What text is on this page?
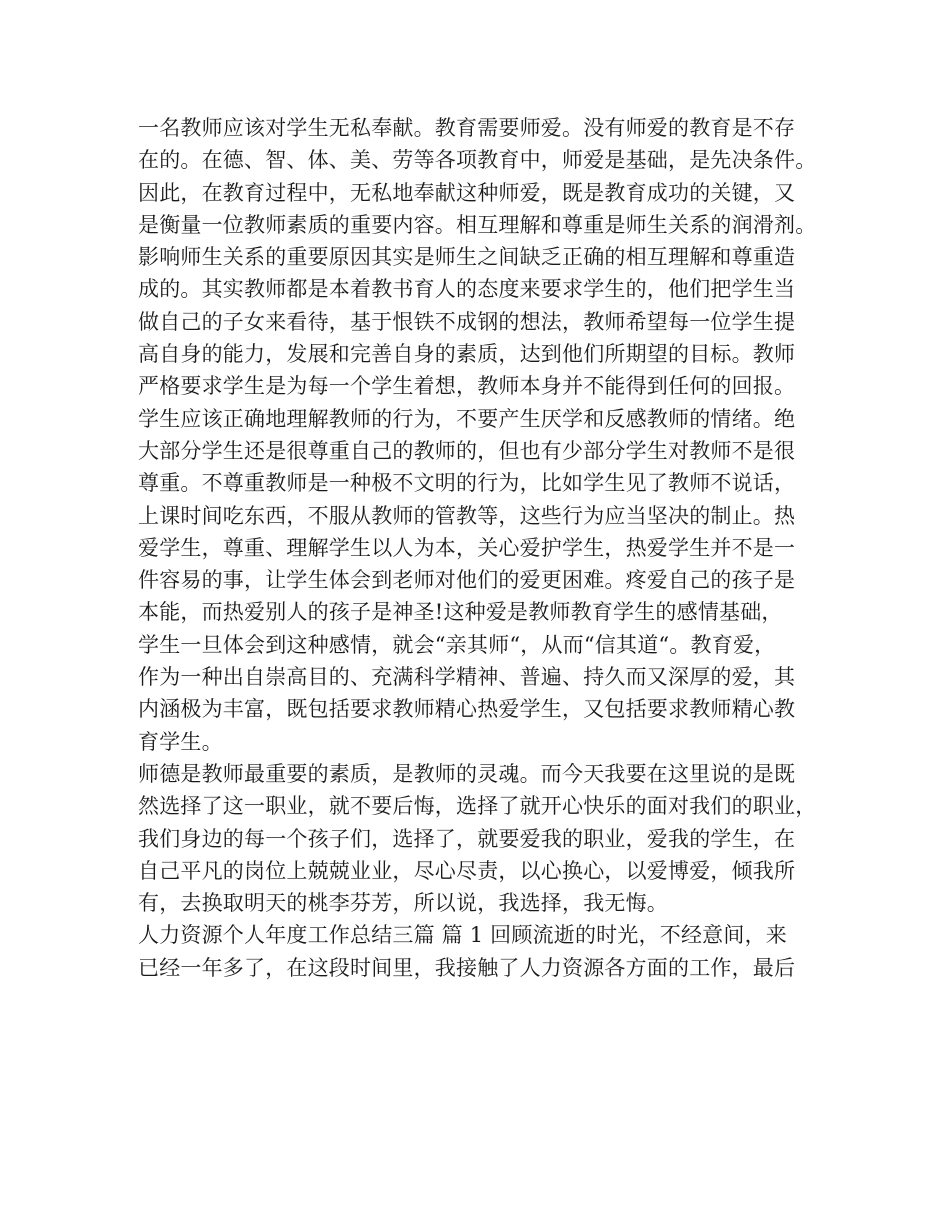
一名教师应该对学生无私奉献。教育需要师爱。没有师爱的教育是不存
在的。在德、智、体、美、劳等各项教育中，师爱是基础，是先决条件。
因此，在教育过程中，无私地奉献这种师爱，既是教育成功的关键，又
是衡量一位教师素质的重要内容。相互理解和尊重是师生关系的润滑剂。
影响师生关系的重要原因其实是师生之间缺乏正确的相互理解和尊重造
成的。其实教师都是本着教书育人的态度来要求学生的，他们把学生当
做自己的子女来看待，基于恨铁不成钢的想法，教师希望每一位学生提
高自身的能力，发展和完善自身的素质，达到他们所期望的目标。教师
严格要求学生是为每一个学生着想，教师本身并不能得到任何的回报。
学生应该正确地理解教师的行为，不要产生厌学和反感教师的情绪。绝
大部分学生还是很尊重自己的教师的，但也有少部分学生对教师不是很
尊重。不尊重教师是一种极不文明的行为，比如学生见了教师不说话，
上课时间吃东西，不服从教师的管教等，这些行为应当坚决的制止。热
爱学生，尊重、理解学生以人为本，关心爱护学生，热爱学生并不是一
件容易的事，让学生体会到老师对他们的爱更困难。疼爱自己的孩子是
本能，而热爱别人的孩子是神圣!这种爱是教师教育学生的感情基础，
学生一旦体会到这种感情，就会“亲其师“，从而“信其道“。教育爱，
作为一种出自崇高目的、充满科学精神、普遍、持久而又深厚的爱，其
内涵极为丰富，既包括要求教师精心热爱学生，又包括要求教师精心教
育学生。
师德是教师最重要的素质，是教师的灵魂。而今天我要在这里说的是既
然选择了这一职业，就不要后悔，选择了就开心快乐的面对我们的职业，
我们身边的每一个孩子们，选择了，就要爱我的职业，爱我的学生，在
自己平凡的岗位上兢兢业业，尽心尽责，以心换心，以爱博爱，倾我所
有，去换取明天的桃李芬芳，所以说，我选择，我无悔。
人力资源个人年度工作总结三篇 篇 1 回顾流逝的时光，不经意间，来
已经一年多了，在这段时间里，我接触了人力资源各方面的工作，最后
